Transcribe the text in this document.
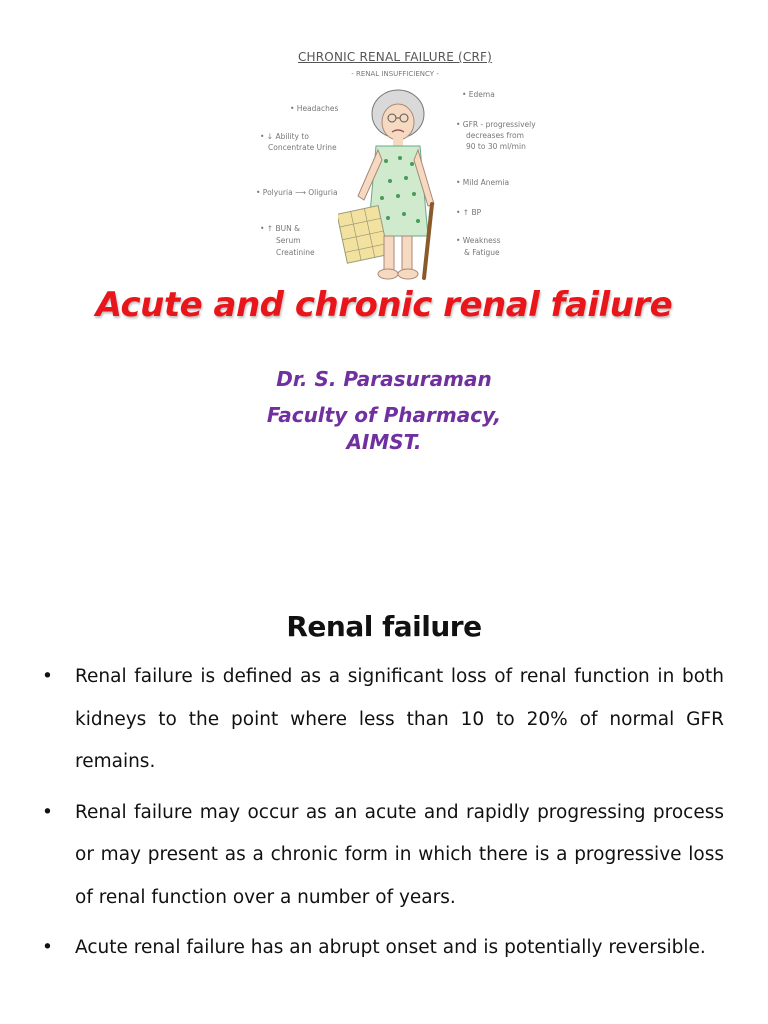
CHRONIC RENAL FAILURE (CRF)
- RENAL INSUFFICIENCY -
• Headaches
• ↓ Ability to
Concentrate Urine
• Polyuria ⟶ Oliguria
• ↑ BUN &
Serum
Creatinine
• Edema
• GFR - progressively
decreases from
90 to 30 ml/min
• Mild Anemia
• ↑ BP
• Weakness
& Fatigue
Acute and chronic renal failure
Dr. S. Parasuraman
Faculty of Pharmacy,
AIMST.
Renal failure
• Renal failure is defined as a significant loss of renal function in both kidneys to the point where less than 10 to 20% of normal GFR remains.
• Renal failure may occur as an acute and rapidly progressing process or may present as a chronic form in which there is a progressive loss of renal function over a number of years.
• Acute renal failure has an abrupt onset and is potentially reversible.
